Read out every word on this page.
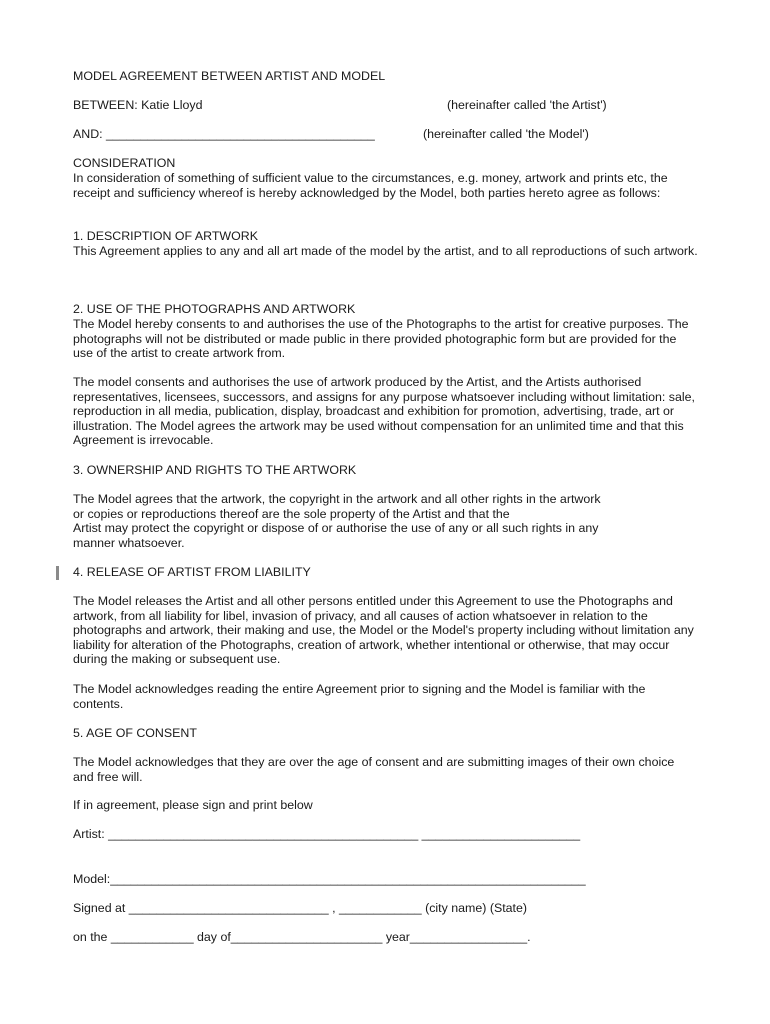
MODEL AGREEMENT BETWEEN ARTIST AND MODEL
BETWEEN: Katie Lloyd	(hereinafter called 'the Artist')
AND: _______________________________________	(hereinafter called 'the Model')
CONSIDERATION
In consideration of something of sufficient value to the circumstances, e.g. money, artwork and prints etc, the receipt and sufficiency whereof is hereby acknowledged by the Model, both parties hereto agree as follows:
1. DESCRIPTION OF ARTWORK
This Agreement applies to any and all art made of the model by the artist, and to all reproductions of such artwork.
2. USE OF THE PHOTOGRAPHS AND ARTWORK
The Model hereby consents to and authorises the use of the Photographs to the artist for creative purposes. The photographs will not be distributed or made public in there provided photographic form but are provided for the use of the artist to create artwork from.
The model consents and authorises the use of artwork produced by the Artist, and the Artists authorised representatives, licensees, successors, and assigns for any purpose whatsoever including without limitation: sale, reproduction in all media, publication, display, broadcast and exhibition for promotion, advertising, trade, art or illustration. The Model agrees the artwork may be used without compensation for an unlimited time and that this Agreement is irrevocable.
3. OWNERSHIP AND RIGHTS TO THE ARTWORK
The Model agrees that the artwork, the copyright in the artwork and all other rights in the artwork
or copies or reproductions thereof are the sole property of the Artist and that the
Artist may protect the copyright or dispose of or authorise the use of any or all such rights in any
manner whatsoever.
4. RELEASE OF ARTIST FROM LIABILITY
The Model releases the Artist and all other persons entitled under this Agreement to use the Photographs and artwork, from all liability for libel, invasion of privacy, and all causes of action whatsoever in relation to the photographs and artwork, their making and use, the Model or the Model's property including without limitation any liability for alteration of the Photographs, creation of artwork, whether intentional or otherwise, that may occur during the making or subsequent use.
The Model acknowledges reading the entire Agreement prior to signing and the Model is familiar with the contents.
5. AGE OF CONSENT
The Model acknowledges that they are over the age of consent and are submitting images of their own choice and free will.
If in agreement, please sign and print below
Artist: _____________________________________________ _______________________
Model:_____________________________________________________________________
Signed at _____________________________ , ____________ (city name) (State)
on the ____________ day of______________________ year_________________.
